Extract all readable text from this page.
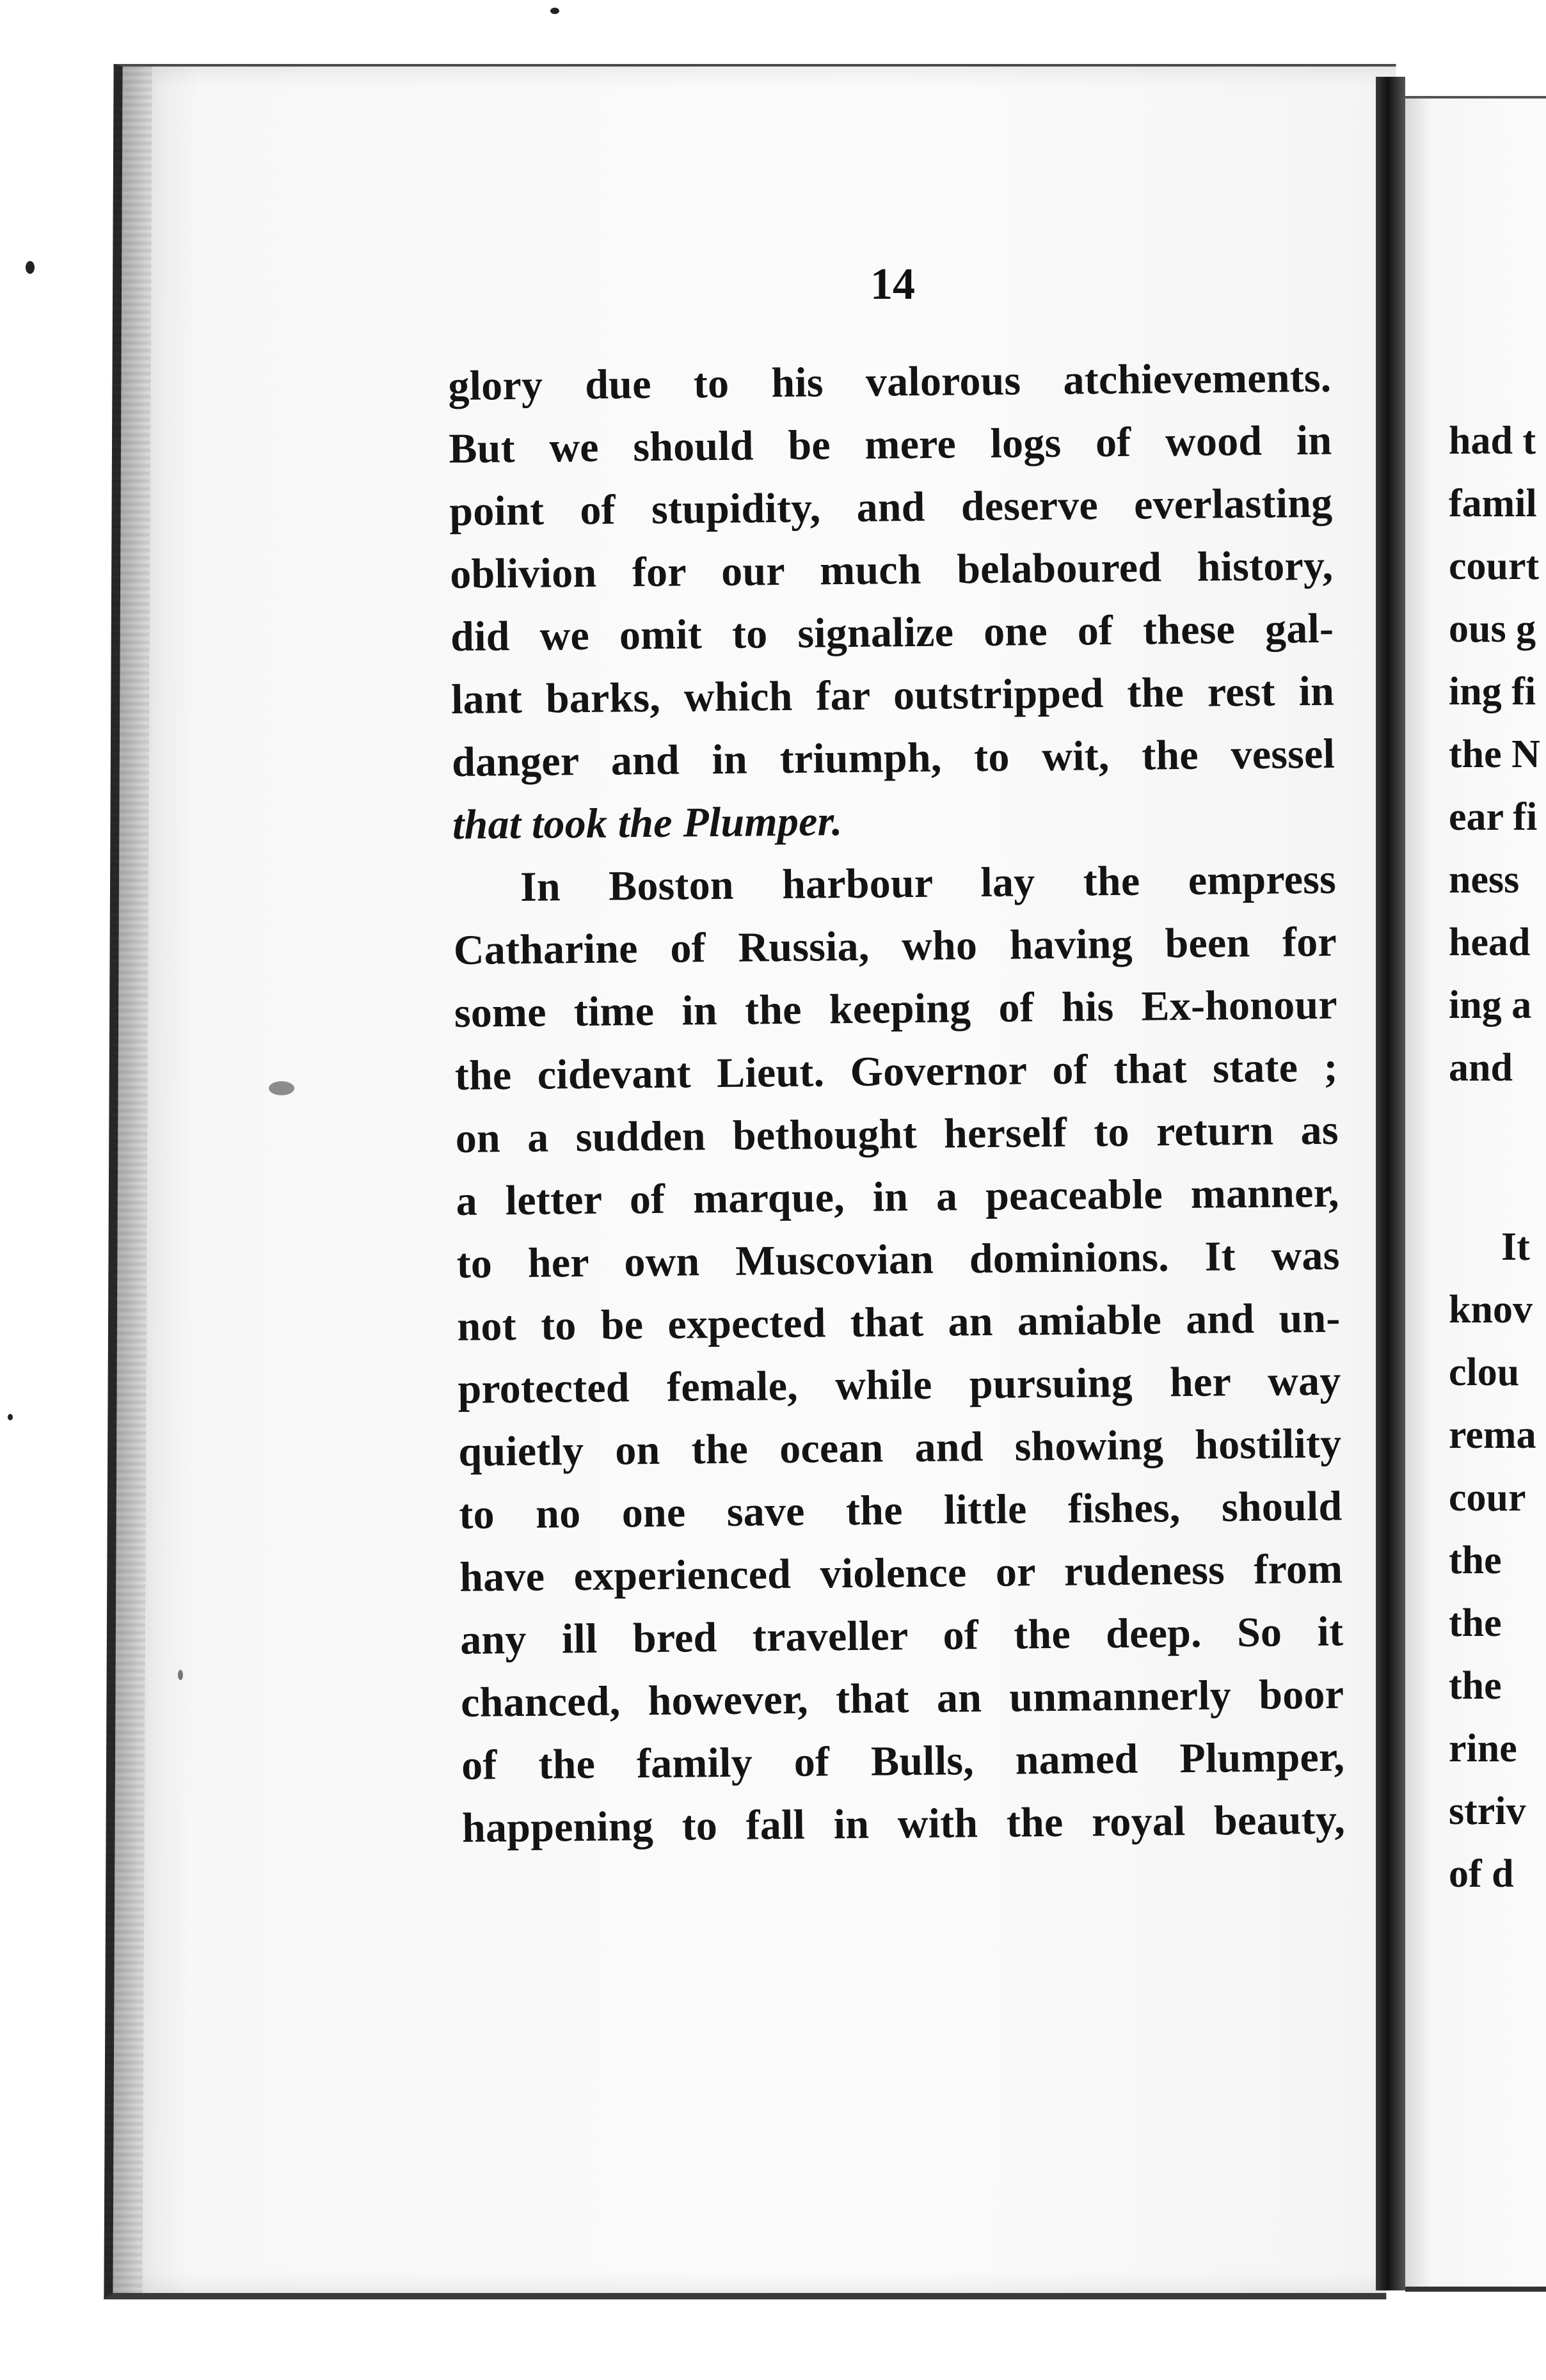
had t
famil
court
ous g
ing fi
the N
ear fi
ness
head
ing a
and
It
knov
clou
rema
cour
the
the
the
rine
striv
of d

14

glory due to his valorous atchievements.
But we should be mere logs of wood in
point of stupidity, and deserve everlasting
oblivion for our much belaboured history,
did we omit to signalize one of these gal-
lant barks, which far outstripped the rest in
danger and in triumph, to wit, the vessel
that took the Plumper.
In Boston harbour lay the empress
Catharine of Russia, who having been for
some time in the keeping of his Ex-honour
the cidevant Lieut. Governor of that state ;
on a sudden bethought herself to return as
a letter of marque, in a peaceable manner,
to her own Muscovian dominions. It was
not to be expected that an amiable and un-
protected female, while pursuing her way
quietly on the ocean and showing hostility
to no one save the little fishes, should
have experienced violence or rudeness from
any ill bred traveller of the deep. So it
chanced, however, that an unmannerly boor
of the family of Bulls, named Plumper,
happening to fall in with the royal beauty,
